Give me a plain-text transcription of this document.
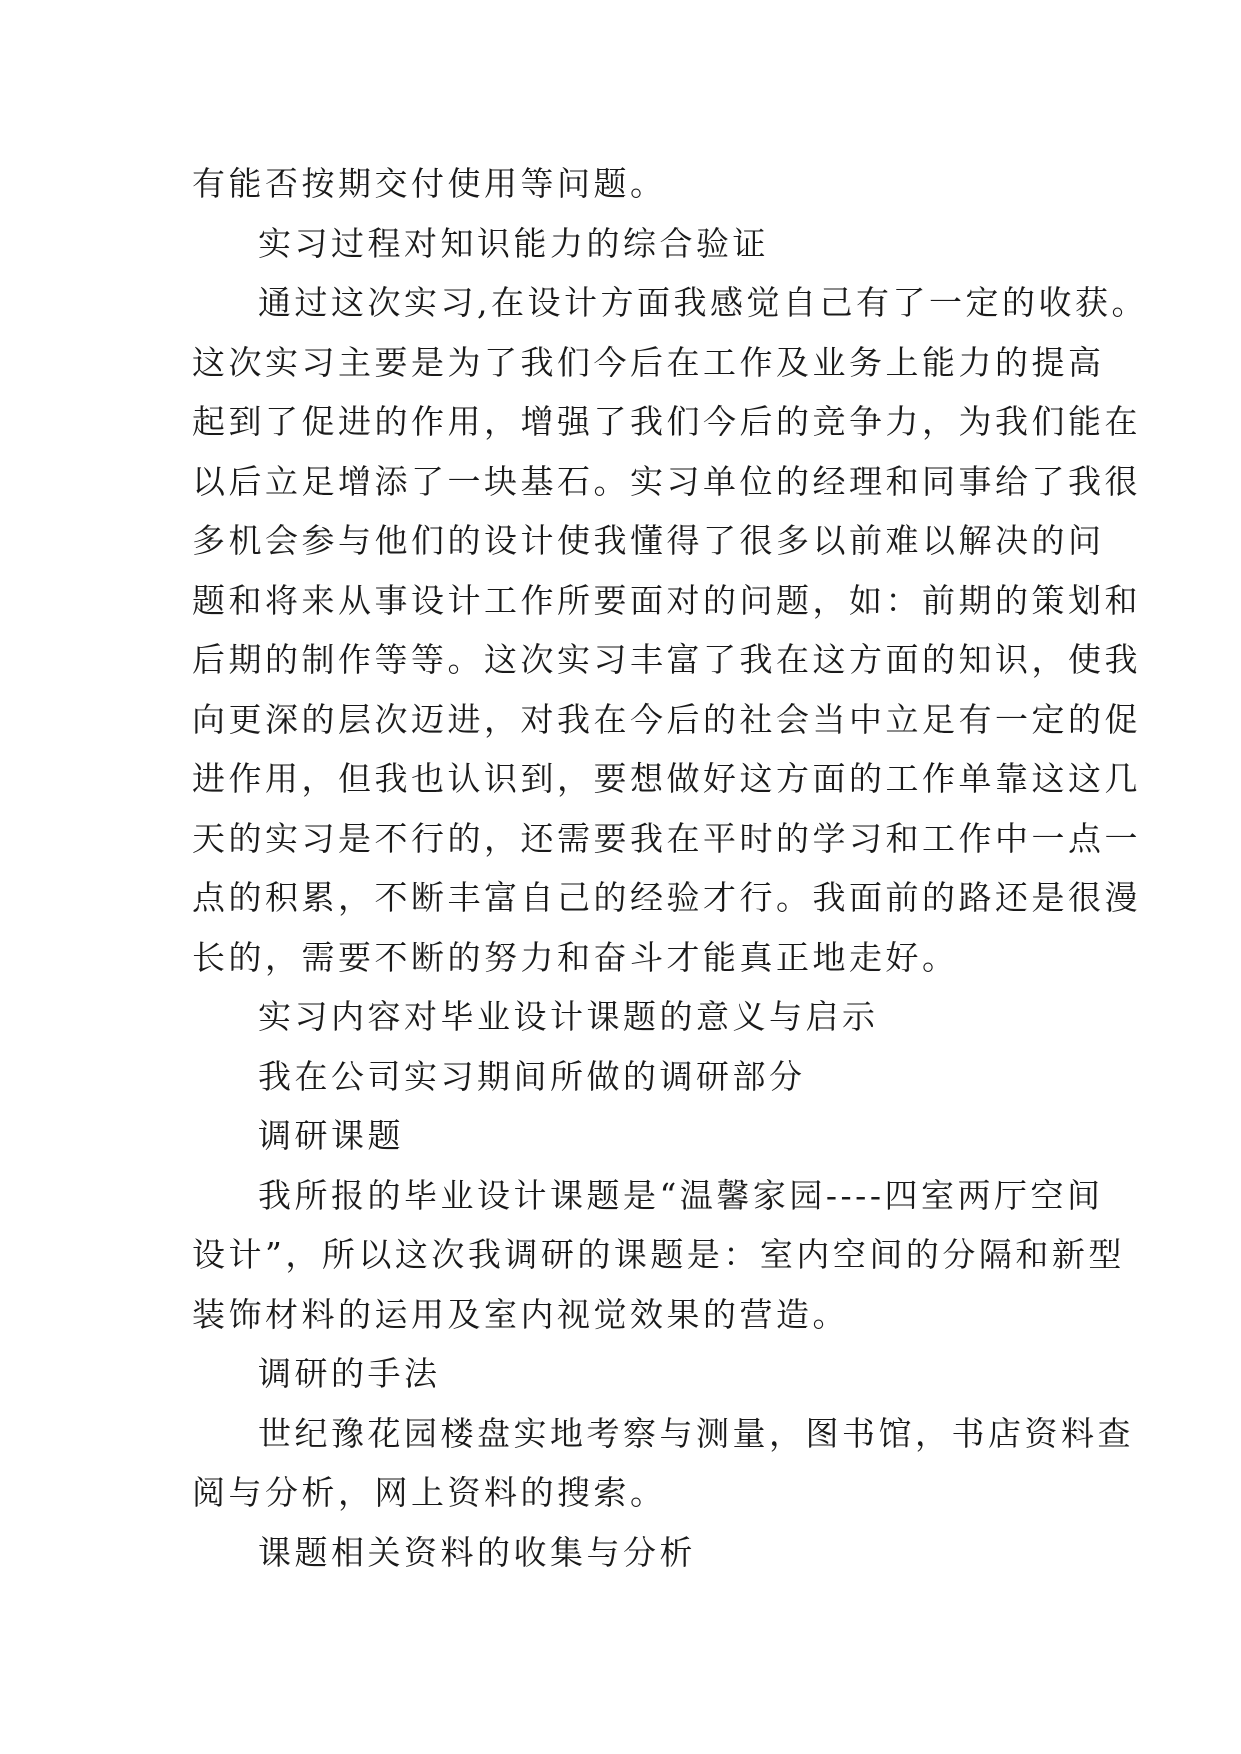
有能否按期交付使用等问题。
实习过程对知识能力的综合验证
通过这次实习,在设计方面我感觉自己有了一定的收获。
这次实习主要是为了我们今后在工作及业务上能力的提高
起到了促进的作用，增强了我们今后的竞争力，为我们能在
以后立足增添了一块基石。实习单位的经理和同事给了我很
多机会参与他们的设计使我懂得了很多以前难以解决的问
题和将来从事设计工作所要面对的问题，如：前期的策划和
后期的制作等等。这次实习丰富了我在这方面的知识，使我
向更深的层次迈进，对我在今后的社会当中立足有一定的促
进作用，但我也认识到，要想做好这方面的工作单靠这这几
天的实习是不行的，还需要我在平时的学习和工作中一点一
点的积累，不断丰富自己的经验才行。我面前的路还是很漫
长的，需要不断的努力和奋斗才能真正地走好。
实习内容对毕业设计课题的意义与启示
我在公司实习期间所做的调研部分
调研课题
我所报的毕业设计课题是“温馨家园----四室两厅空间
设计”，所以这次我调研的课题是：室内空间的分隔和新型
装饰材料的运用及室内视觉效果的营造。
调研的手法
世纪豫花园楼盘实地考察与测量，图书馆，书店资料查
阅与分析，网上资料的搜索。
课题相关资料的收集与分析
